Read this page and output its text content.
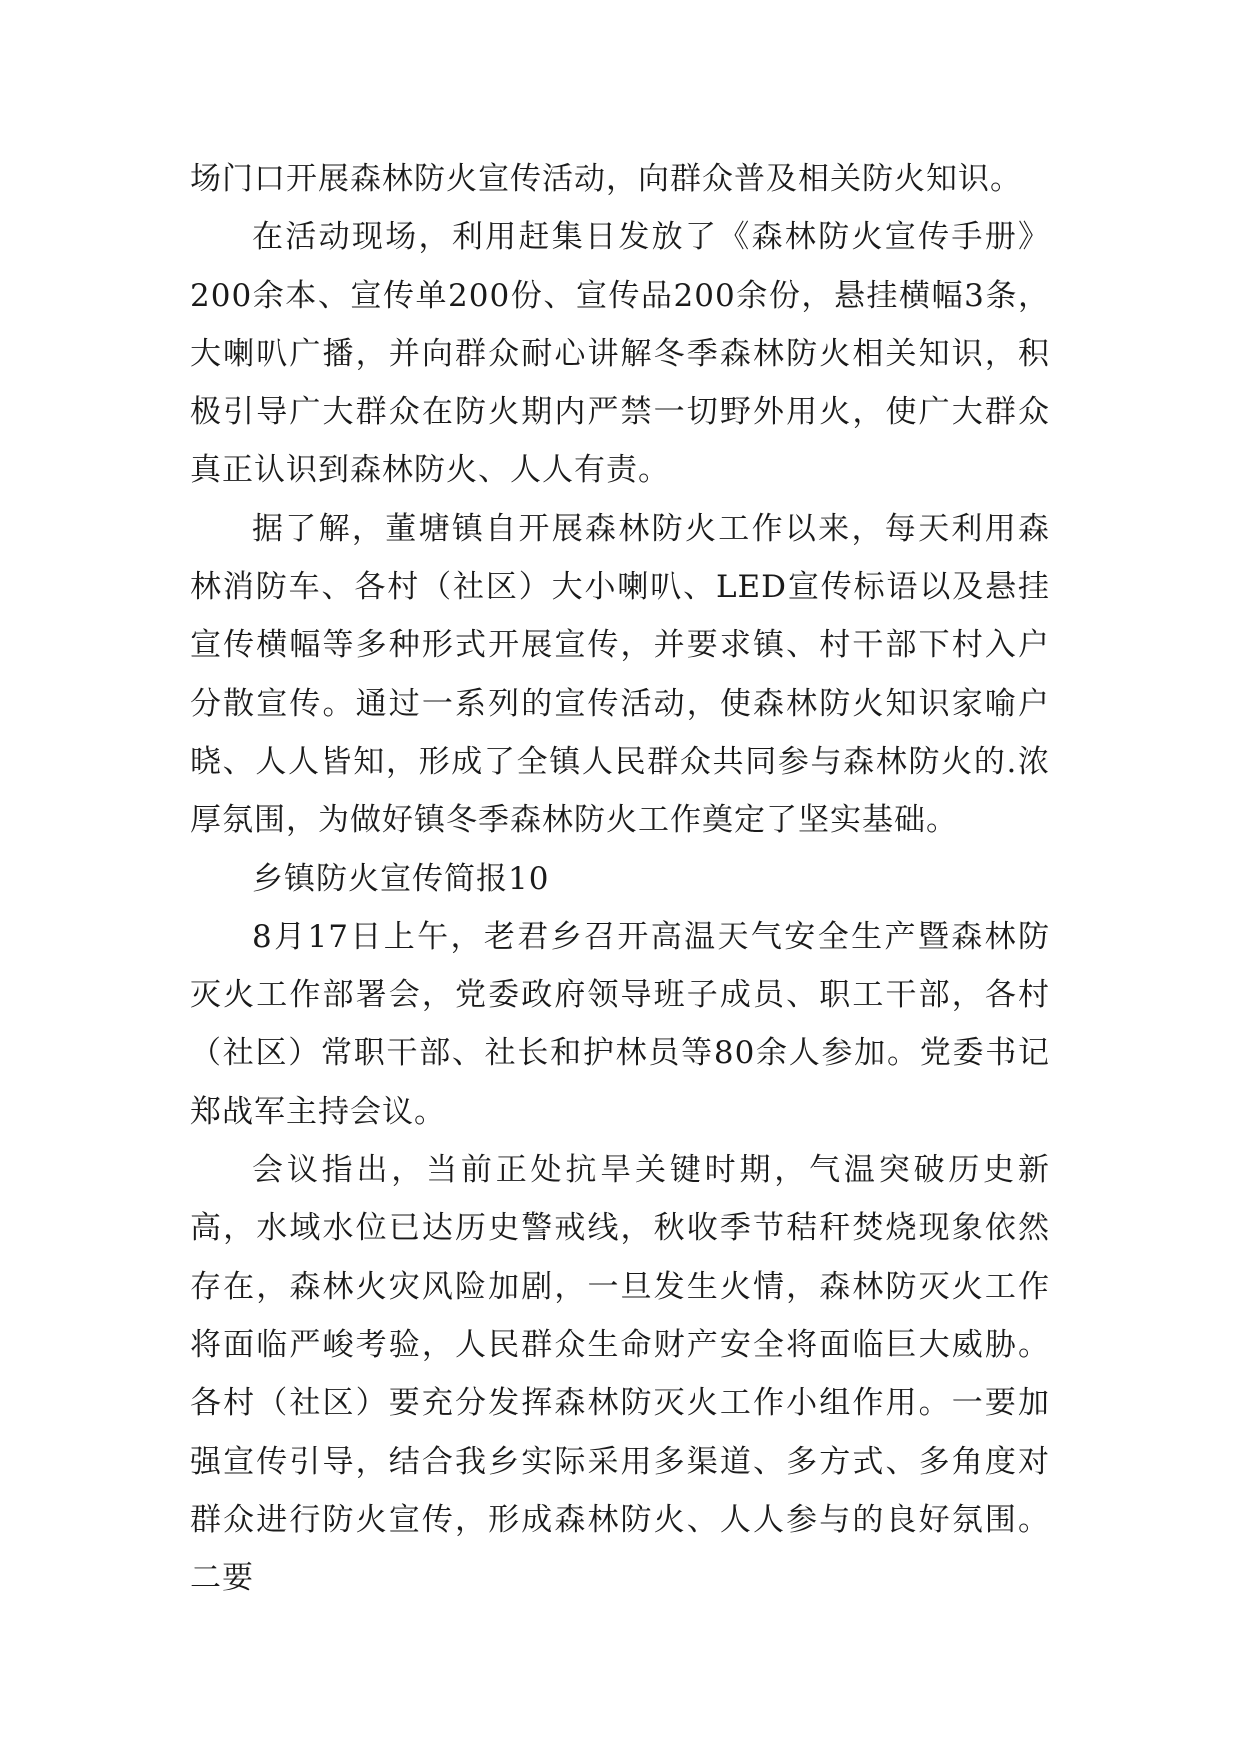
场门口开展森林防火宣传活动，向群众普及相关防火知识。

在活动现场，利用赶集日发放了《森林防火宣传手册》200余本、宣传单200份、宣传品200余份，悬挂横幅3条，大喇叭广播，并向群众耐心讲解冬季森林防火相关知识，积极引导广大群众在防火期内严禁一切野外用火，使广大群众真正认识到森林防火、人人有责。

据了解，董塘镇自开展森林防火工作以来，每天利用森林消防车、各村（社区）大小喇叭、LED宣传标语以及悬挂宣传横幅等多种形式开展宣传，并要求镇、村干部下村入户分散宣传。通过一系列的宣传活动，使森林防火知识家喻户晓、人人皆知，形成了全镇人民群众共同参与森林防火的.浓厚氛围，为做好镇冬季森林防火工作奠定了坚实基础。

乡镇防火宣传简报10

8月17日上午，老君乡召开高温天气安全生产暨森林防灭火工作部署会，党委政府领导班子成员、职工干部，各村（社区）常职干部、社长和护林员等80余人参加。党委书记郑战军主持会议。

会议指出，当前正处抗旱关键时期，气温突破历史新高，水域水位已达历史警戒线，秋收季节秸秆焚烧现象依然存在，森林火灾风险加剧，一旦发生火情，森林防灭火工作将面临严峻考验，人民群众生命财产安全将面临巨大威胁。各村（社区）要充分发挥森林防灭火工作小组作用。一要加强宣传引导，结合我乡实际采用多渠道、多方式、多角度对群众进行防火宣传，形成森林防火、人人参与的良好氛围。二要
